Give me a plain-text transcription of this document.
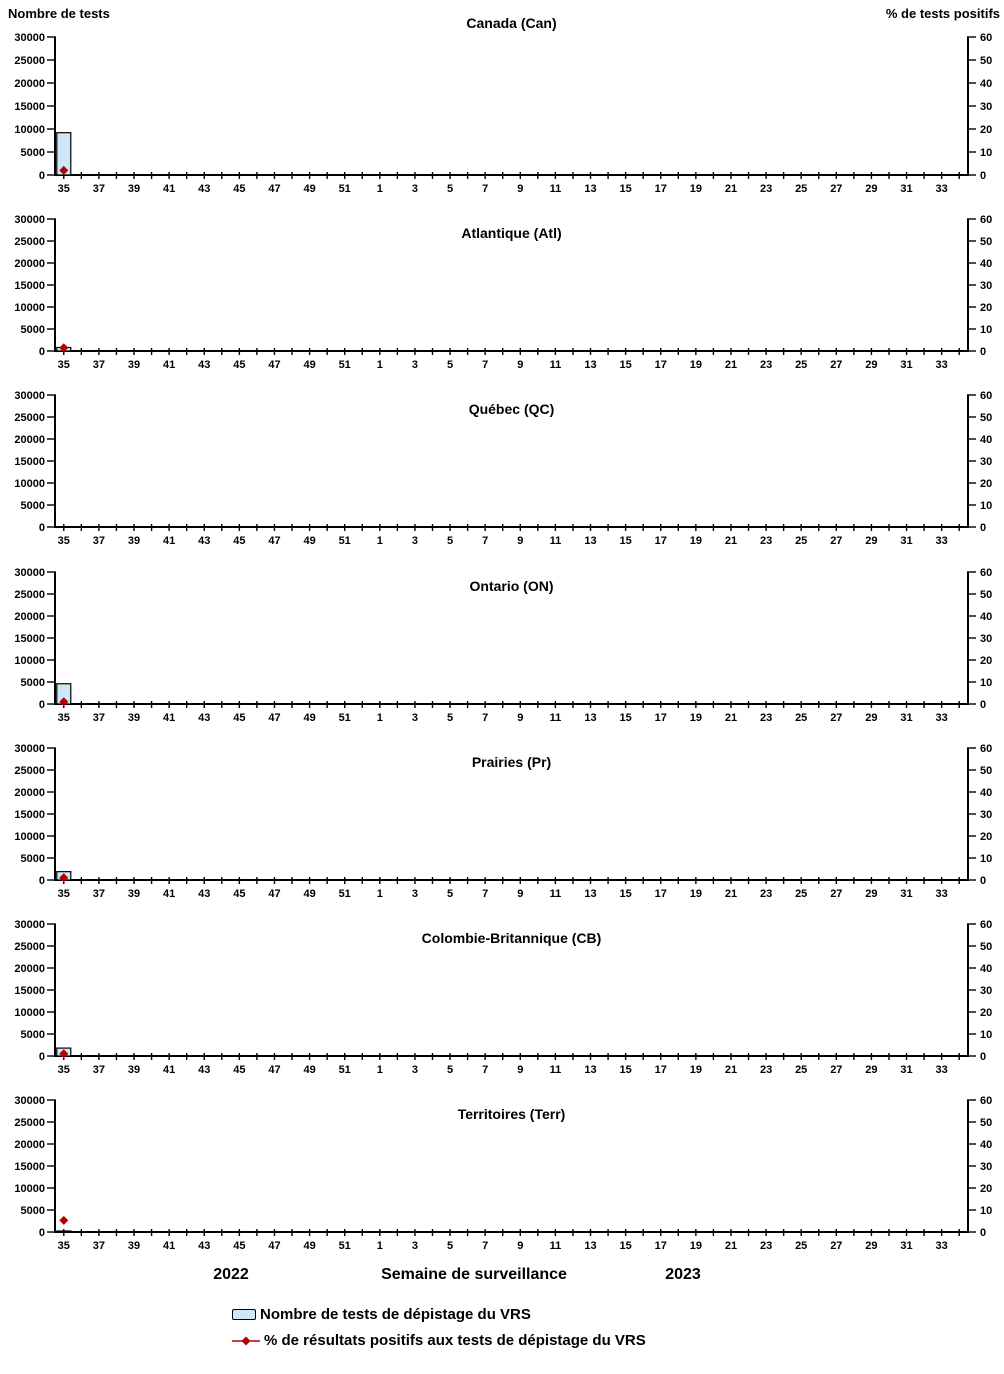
Nombre de tests	% de tests positifs
Canada (Can)
0
5000
10000
15000
20000
25000
30000
0
10
20
30
40
50
60
35 37 39 41 43 45 47 49 51 1	3	5	7	9 11 13 15 17 19 21 23 25 27 29 31 33
Atlantique (Atl)
0
5000
10000
15000
20000
25000
30000
0
10
20
30
40
50
60
35 37 39 41 43 45 47 49 51 1	3	5	7	9 11 13 15 17 19 21 23 25 27 29 31 33
Québec (QC)
0
5000
10000
15000
20000
25000
30000
0
10
20
30
40
50
60
35 37 39 41 43 45 47 49 51 1	3	5	7	9 11 13 15 17 19 21 23 25 27 29 31 33
Ontario (ON)
0
5000
10000
15000
20000
25000
30000
0
10
20
30
40
50
60
35 37 39 41 43 45 47 49 51 1	3	5	7	9 11 13 15 17 19 21 23 25 27 29 31 33
Prairies (Pr)
0
5000
10000
15000
20000
25000
30000
0
10
20
30
40
50
60
35 37 39 41 43 45 47 49 51 1	3	5	7	9 11 13 15 17 19 21 23 25 27 29 31 33
Colombie-Britannique (CB)
0
5000
10000
15000
20000
25000
30000
0
10
20
30
40
50
60
35 37 39 41 43 45 47 49 51 1	3	5	7	9 11 13 15 17 19 21 23 25 27 29 31 33
Territoires (Terr)
0
5000
10000
15000
20000
25000
30000
0
10
20
30
40
50
60
35 37 39 41 43 45 47 49 51 1	3	5	7	9 11 13 15 17 19 21 23 25 27 29 31 33
2022	Semaine de surveillance	2023
Nombre de tests de dépistage du VRS
% de résultats positifs aux tests de dépistage du VRS
